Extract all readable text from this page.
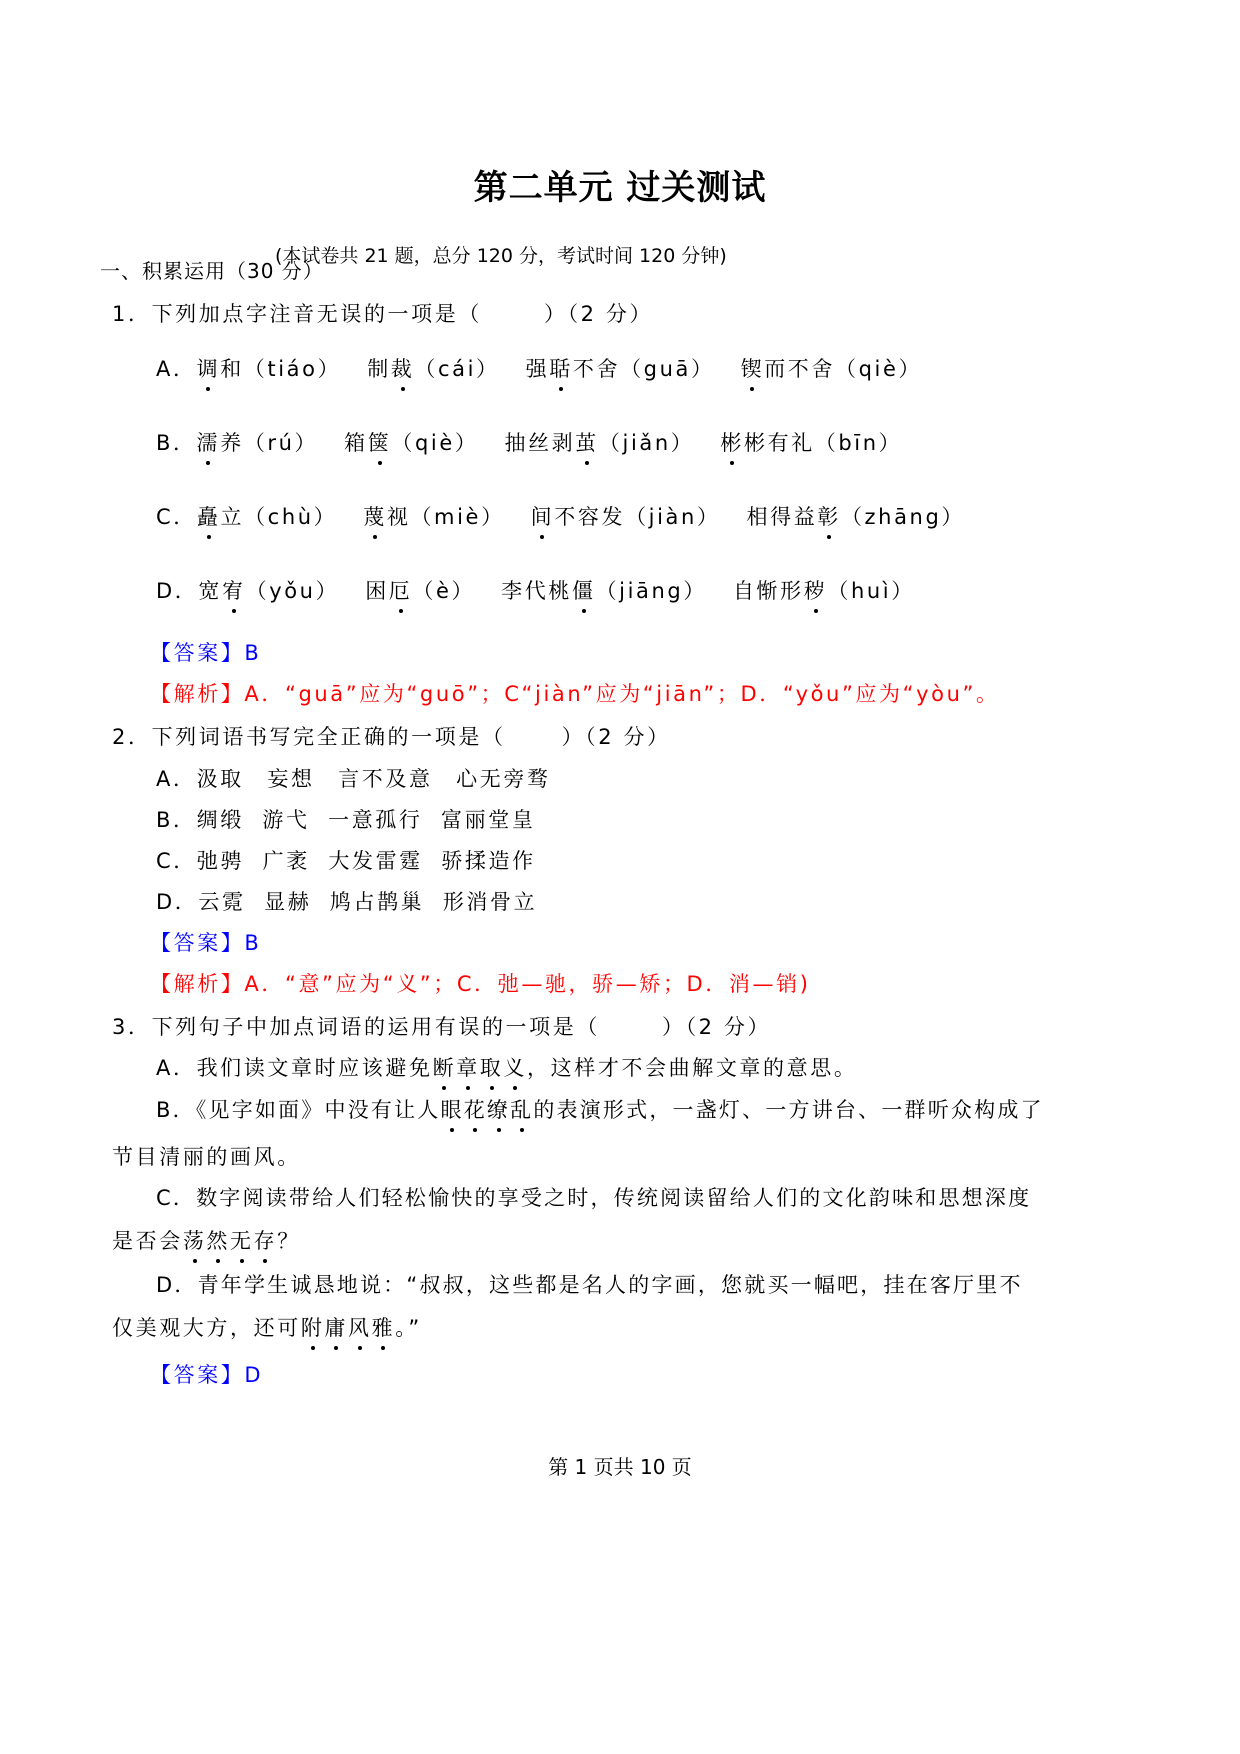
第二单元 过关测试
(本试卷共 21 题，总分 120 分，考试时间 120 分钟)
一、积累运用（30 分）
1．下列加点字注音无误的一项是（	）（2 分）
A．调和（tiáo） 制裁（cái） 强聒不舍（guā） 锲而不舍（qiè）
B．濡养（rú） 箱箧（qiè） 抽丝剥茧（jiǎn） 彬彬有礼（bīn）
C．矗立（chù） 蔑视（miè） 间不容发（jiàn） 相得益彰（zhāng）
D．宽宥（yǒu） 困厄（è） 李代桃僵（jiāng） 自惭形秽（huì）
【答案】B
【解析】A．“guā”应为“guō”；C“jiàn”应为“jiān”；D．“yǒu”应为“yòu”。
2．下列词语书写完全正确的一项是（	）（2 分）
A．汲取　妄想　言不及意　心无旁骛
B．绸缎  游弋  一意孤行  富丽堂皇
C．弛骋  广袤  大发雷霆  骄揉造作
D．云霓  显赫  鸠占鹊巢  形消骨立
【答案】B
【解析】A．“意”应为“义”；C．弛—驰，骄—矫；D．消—销)
3．下列句子中加点词语的运用有误的一项是（	）（2 分）
A．我们读文章时应该避免断章取义，这样才不会曲解文章的意思。
B．《见字如面》中没有让人眼花缭乱的表演形式，一盏灯、一方讲台、一群听众构成了
节目清丽的画风。
C．数字阅读带给人们轻松愉快的享受之时，传统阅读留给人们的文化韵味和思想深度
是否会荡然无存？
D．青年学生诚恳地说：“叔叔，这些都是名人的字画，您就买一幅吧，挂在客厅里不
仅美观大方，还可附庸风雅。”
【答案】D
第 1 页共 10 页
